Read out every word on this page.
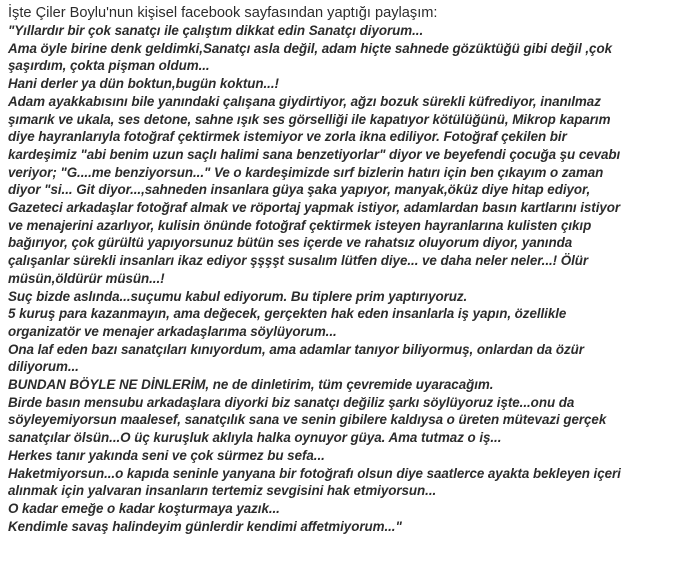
İşte Çiler Boylu'nun kişisel facebook sayfasından yaptığı paylaşım:
"Yıllardır bir çok sanatçı ile çalıştım dikkat edin Sanatçı diyorum...
Ama öyle birine denk geldimki,Sanatçı asla değil, adam hiçte sahnede gözüktüğü gibi değil ,çok
şaşırdım, çokta pişman oldum...
Hani derler ya dün boktun,bugün koktun...!
Adam ayakkabısını bile yanındaki çalışana giydirtiyor, ağzı bozuk sürekli küfrediyor, inanılmaz
şımarık ve ukala, ses detone, sahne ışık ses görselliği ile kapatıyor kötülüğünü, Mikrop kaparım
diye hayranlarıyla fotoğraf çektirmek istemiyor ve zorla ikna ediliyor. Fotoğraf çekilen bir
kardeşimiz "abi benim uzun saçlı halimi sana benzetiyorlar" diyor ve beyefendi çocuğa şu cevabı
veriyor; "G....me benziyorsun..." Ve o kardeşimizde sırf bizlerin hatırı için ben çıkayım o zaman
diyor "si... Git diyor...,sahneden insanlara güya şaka yapıyor, manyak,öküz diye hitap ediyor,
Gazeteci arkadaşlar fotoğraf almak ve röportaj yapmak istiyor, adamlardan basın kartlarını istiyor
ve menajerini azarlıyor, kulisin önünde fotoğraf çektirmek isteyen hayranlarına kulisten çıkıp
bağırıyor, çok gürültü yapıyorsunuz bütün ses içerde ve rahatsız oluyorum diyor, yanında
çalışanlar sürekli insanları ikaz ediyor şşşşt susalım lütfen diye... ve daha neler neler...! Ölür
müsün,öldürür müsün...!
Suç bizde aslında...suçumu kabul ediyorum. Bu tiplere prim yaptırıyoruz.
5 kuruş para kazanmayın, ama değecek, gerçekten hak eden insanlarla iş yapın, özellikle
organizatör ve menajer arkadaşlarıma söylüyorum...
Ona laf eden bazı sanatçıları kınıyordum, ama adamlar tanıyor biliyormuş, onlardan da özür
diliyorum...
BUNDAN BÖYLE NE DİNLERİM, ne de dinletirim, tüm çevremide uyaracağım.
Birde basın mensubu arkadaşlara diyorki biz sanatçı değiliz şarkı söylüyoruz işte...onu da
söyleyemiyorsun maalesef, sanatçılık sana ve senin gibilere kaldıysa o üreten mütevazi gerçek
sanatçılar ölsün...O üç kuruşluk aklıyla halka oynuyor güya. Ama tutmaz o iş...
Herkes tanır yakında seni ve çok sürmez bu sefa...
Haketmiyorsun...o kapıda seninle yanyana bir fotoğrafı olsun diye saatlerce ayakta bekleyen içeri
alınmak için yalvaran insanların tertemiz sevgisini hak etmiyorsun...
O kadar emeğe o kadar koşturmaya yazık...
Kendimle savaş halindeyim günlerdir kendimi affetmiyorum..."
